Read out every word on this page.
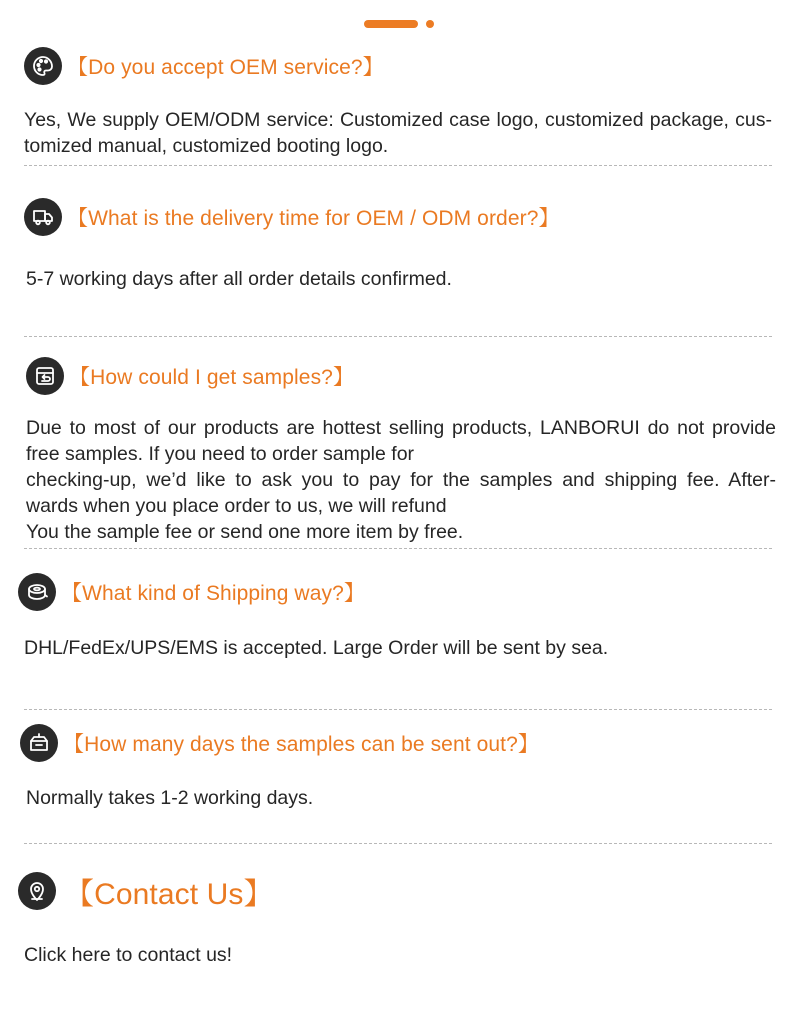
【Do you accept OEM service?】

Yes, We supply OEM/ODM service: Customized case logo, customized package, cus-

tomized manual, customized booting logo.

【What is the delivery time for OEM / ODM order?】

5-7 working days after all order details confirmed.

【How could I get samples?】

Due to most of our products are hottest selling products, LANBORUI do not provide

free samples. If you need to order sample for

checking-up, we’d like to ask you to pay for the samples and shipping fee. After-

wards when you place order to us, we will refund

You the sample fee or send one more item by free.

【What kind of Shipping way?】

DHL/FedEx/UPS/EMS is accepted. Large Order will be sent by sea.

【How many days the samples can be sent out?】

Normally takes 1-2 working days.

【Contact Us】

Click here to contact us!
